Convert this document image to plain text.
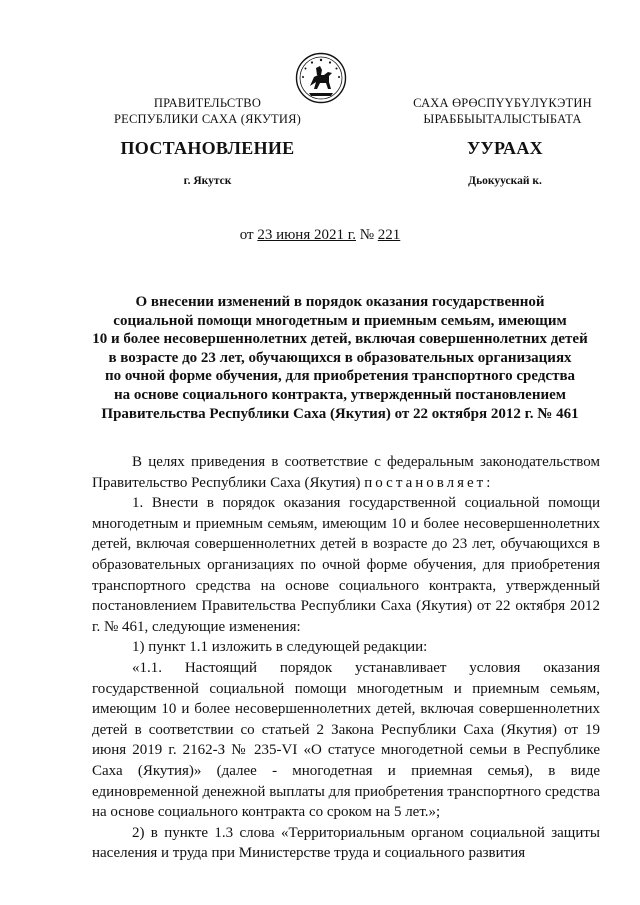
ПРАВИТЕЛЬСТВО
РЕСПУБЛИКИ САХА (ЯКУТИЯ)
САХА ӨРӨСПҮҮБҮЛҮКЭТИН
ЫРАББЫЫТАЛЫСТЫБАТА
ПОСТАНОВЛЕНИЕ	УУРААХ
г. Якутск	Дьокуускай к.
от 23 июня 2021 г. № 221
О внесении изменений в порядок оказания государственной
социальной помощи многодетным и приемным семьям, имеющим
10 и более несовершеннолетних детей, включая совершеннолетних детей
в возрасте до 23 лет, обучающихся в образовательных организациях
по очной форме обучения, для приобретения транспортного средства
на основе социального контракта, утвержденный постановлением
Правительства Республики Саха (Якутия) от 22 октября 2012 г. № 461

В целях приведения в соответствие с федеральным законодательством Правительство Республики Саха (Якутия) постановляет:

1. Внести в порядок оказания государственной социальной помощи многодетным и приемным семьям, имеющим 10 и более несовершеннолетних детей, включая совершеннолетних детей в возрасте до 23 лет, обучающихся в образовательных организациях по очной форме обучения, для приобретения транспортного средства на основе социального контракта, утвержденный постановлением Правительства Республики Саха (Якутия) от 22 октября 2012 г. № 461, следующие изменения:

1) пункт 1.1 изложить в следующей редакции:

«1.1. Настоящий порядок устанавливает условия оказания государственной социальной помощи многодетным и приемным семьям, имеющим 10 и более несовершеннолетних детей, включая совершеннолетних детей в соответствии со статьей 2 Закона Республики Саха (Якутия) от 19 июня 2019 г. 2162-З № 235-VI «О статусе многодетной семьи в Республике Саха (Якутия)» (далее - многодетная и приемная семья), в виде единовременной денежной выплаты для приобретения транспортного средства на основе социального контракта со сроком на 5 лет.»;

2) в пункте 1.3 слова «Территориальным органом социальной защиты населения и труда при Министерстве труда и социального развития
